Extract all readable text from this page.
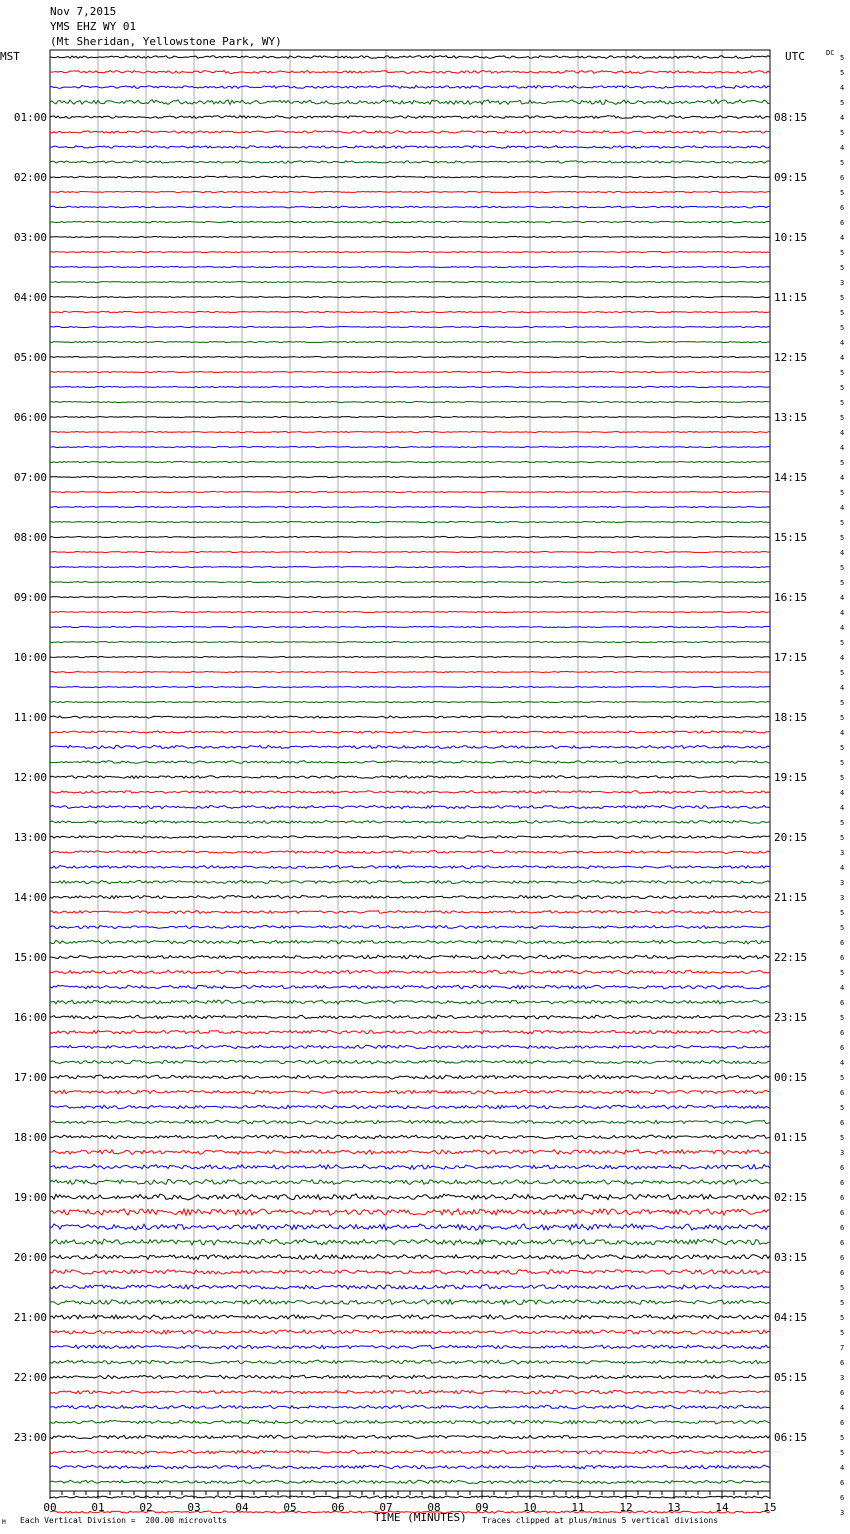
Nov 7,2015
YMS EHZ WY 01
(Mt Sheridan, Yellowstone Park, WY)
MST	UTC	DC
00	01	02	03	04	05	06	07	08	09	10	11	12	13	14	15
5
5
4
5
4
5
4
5
6
5
6
6
4
5
5
3
5
5
5
4
4
5
5
5
5
4
4
5
4
5
4
5
5
4
5
5
4
4
4
5
4
5
4
5
5
4
5
5
5
4
4
5
5
3
4
3
3
5
5
6
6
5
4
6
5
6
6
4
5
6
5
6
5
3
6
6
6
6
6
6
6
6
5
5
5
5
7
6
3
6
4
6
5
5
4
6
6
3
01:00
02:00
03:00
04:00
05:00
06:00
07:00
08:00
09:00
10:00
11:00
12:00
13:00
14:00
15:00
16:00
17:00
18:00
19:00
20:00
21:00
22:00
23:00
08:15
09:15
10:15
11:15
12:15
13:15
14:15
15:15
16:15
17:15
18:15
19:15
20:15
21:15
22:15
23:15
00:15
01:15
02:15
03:15
04:15
05:15
06:15
TIME (MINUTES)
Each Vertical Division =  200.00 microvolts	Traces clipped at plus/minus 5 vertical divisions
M
